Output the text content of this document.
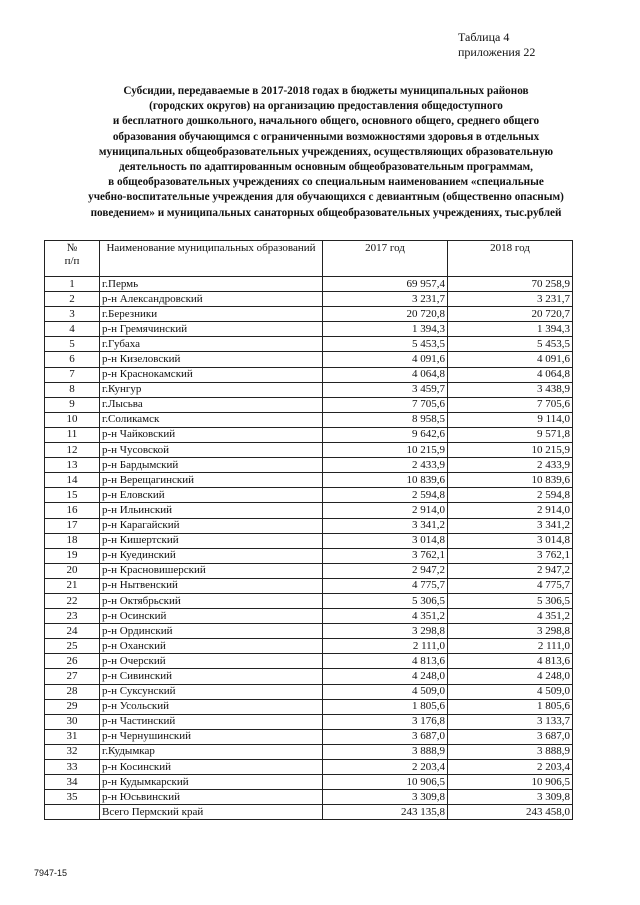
Таблица 4
приложения 22
Субсидии, передаваемые в 2017-2018 годах в бюджеты муниципальных районов
(городских округов) на организацию предоставления общедоступного
и бесплатного дошкольного, начального общего, основного общего, среднего общего
образования обучающимся с ограниченными возможностями здоровья в отдельных
муниципальных общеобразовательных учреждениях, осуществляющих образовательную
деятельность по адаптированным основным общеобразовательным программам,
в общеобразовательных учреждениях со специальным наименованием «специальные
учебно-воспитательные учреждения для обучающихся с девиантным (общественно опасным)
поведением» и муниципальных санаторных общеобразовательных учреждениях, тыс.рублей
№
п/п	Наименование муниципальных образований	2017 год	2018 год
1	г.Пермь	69 957,4	70 258,9
2	р-н Александровский	3 231,7	3 231,7
3	г.Березники	20 720,8	20 720,7
4	р-н Гремячинский	1 394,3	1 394,3
5	г.Губаха	5 453,5	5 453,5
6	р-н Кизеловский	4 091,6	4 091,6
7	р-н Краснокамский	4 064,8	4 064,8
8	г.Кунгур	3 459,7	3 438,9
9	г.Лысьва	7 705,6	7 705,6
10	г.Соликамск	8 958,5	9 114,0
11	р-н Чайковский	9 642,6	9 571,8
12	р-н Чусовской	10 215,9	10 215,9
13	р-н Бардымский	2 433,9	2 433,9
14	р-н Верещагинский	10 839,6	10 839,6
15	р-н Еловский	2 594,8	2 594,8
16	р-н Ильинский	2 914,0	2 914,0
17	р-н Карагайский	3 341,2	3 341,2
18	р-н Кишертский	3 014,8	3 014,8
19	р-н Куединский	3 762,1	3 762,1
20	р-н Красновишерский	2 947,2	2 947,2
21	р-н Нытвенский	4 775,7	4 775,7
22	р-н Октябрьский	5 306,5	5 306,5
23	р-н Осинский	4 351,2	4 351,2
24	р-н Ординский	3 298,8	3 298,8
25	р-н Оханский	2 111,0	2 111,0
26	р-н Очерский	4 813,6	4 813,6
27	р-н Сивинский	4 248,0	4 248,0
28	р-н Суксунский	4 509,0	4 509,0
29	р-н Усольский	1 805,6	1 805,6
30	р-н Частинский	3 176,8	3 133,7
31	р-н Чернушинский	3 687,0	3 687,0
32	г.Кудымкар	3 888,9	3 888,9
33	р-н Косинский	2 203,4	2 203,4
34	р-н Кудымкарский	10 906,5	10 906,5
35	р-н Юсьвинский	3 309,8	3 309,8
	Всего Пермский край	243 135,8	243 458,0
7947-15
